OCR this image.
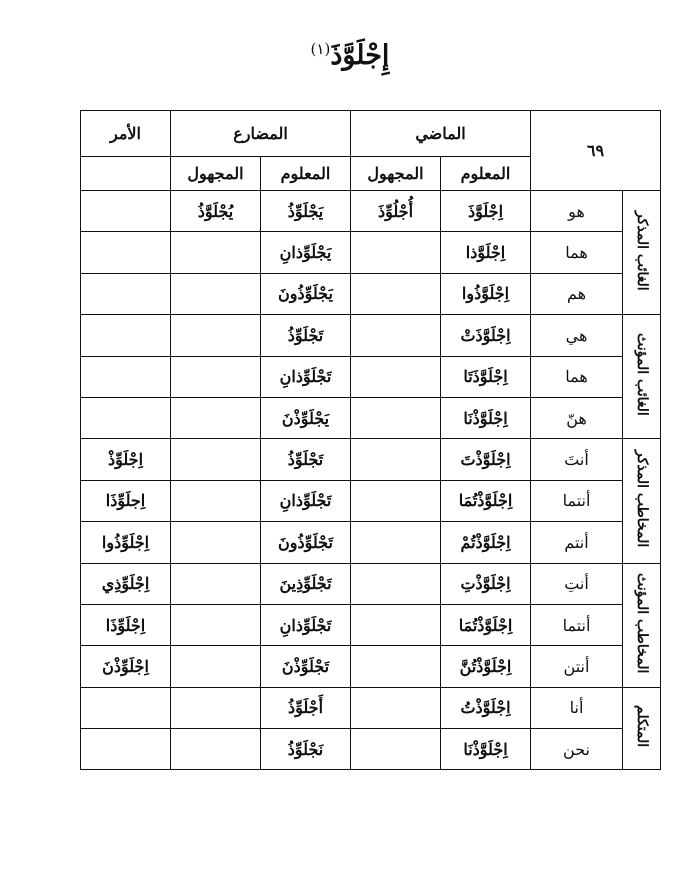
إِجْلَوَّذَ$^{(١)}$
٦٩		الماضي		المضارع		الأمر
		المعلوم	المجهول	المعلوم	المجهول	
الغائب المذكر	هو	اِجْلَوَّذَ	أُجْلُوِّذَ	يَجْلَوِّذُ	يُجْلَوَّذُ	
	هما	اِجْلَوَّذا		يَجْلَوِّذانِ		
	هم	اِجْلَوَّذُوا		يَجْلَوِّذُونَ		
الغائب المؤنث	هي	اِجْلَوَّذَتْ		تَجْلَوِّذُ		
	هما	اِجْلَوَّذَتَا		تَجْلَوِّذانِ		
	هنّ	اِجْلَوَّذْنَا		يَجْلَوِّذْنَ		
المخاطب المذكر	أنتَ	اِجْلَوَّذْتَ		تَجْلَوِّذُ		اِجْلَوِّذْ
	أنتما	اِجْلَوَّذْتُمَا		تَجْلَوِّذانِ		اِجلَوِّذَا
	أنتم	اِجْلَوَّذْتُمْ		تَجْلَوِّذُونَ		اِجْلَوِّذُوا
المخاطب المؤنث	أنتِ	اِجْلَوَّذْتِ		تَجْلَوِّذِينَ		اِجْلَوِّذِي
	أنتما	اِجْلَوَّذْتُمَا		تَجْلَوِّذانِ		اِجْلَوِّذَا
	أنتن	اِجْلَوَّذْتُنَّ		تَجْلَوِّذْنَ		اِجْلَوِّذْنَ
المتكلم	أنا	اِجْلَوَّذْتُ		أَجْلَوِّذُ		
	نحن	اِجْلَوَّذْنَا		نَجْلَوِّذُ		
